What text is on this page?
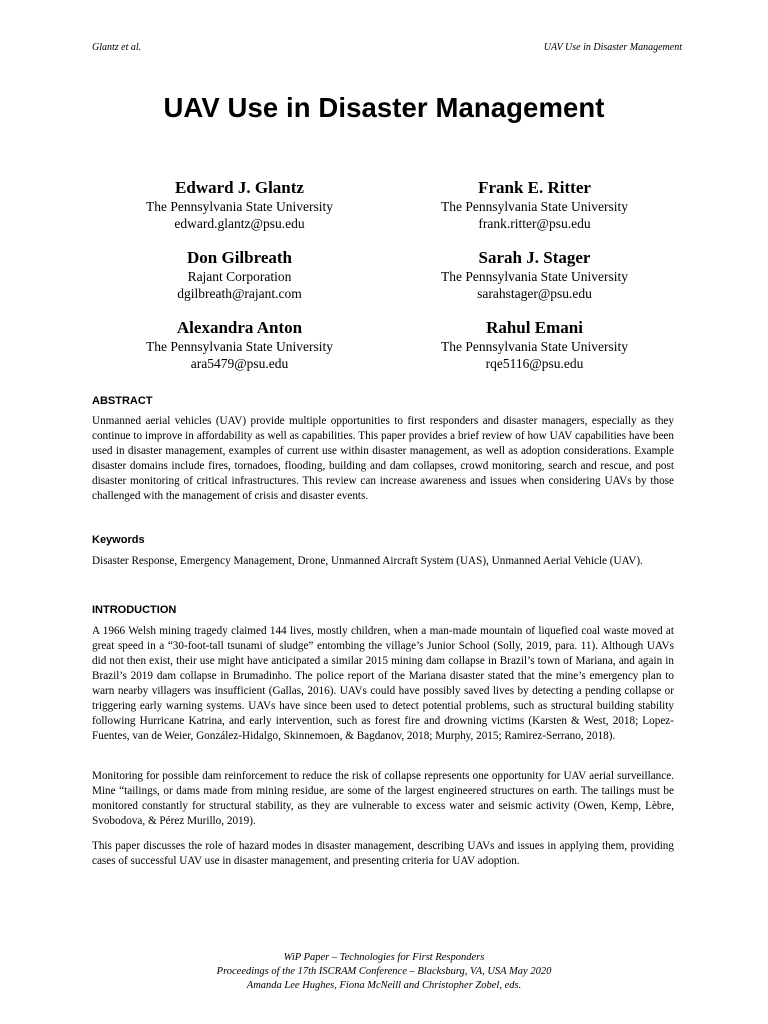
Glantz et al.	UAV Use in Disaster Management
UAV Use in Disaster Management
Edward J. Glantz
The Pennsylvania State University
edward.glantz@psu.edu
Frank E. Ritter
The Pennsylvania State University
frank.ritter@psu.edu
Don Gilbreath
Rajant Corporation
dgilbreath@rajant.com
Sarah J. Stager
The Pennsylvania State University
sarahstager@psu.edu
Alexandra Anton
The Pennsylvania State University
ara5479@psu.edu
Rahul Emani
The Pennsylvania State University
rqe5116@psu.edu
ABSTRACT

Unmanned aerial vehicles (UAV) provide multiple opportunities to first responders and disaster managers, especially as they continue to improve in affordability as well as capabilities. This paper provides a brief review of how UAV capabilities have been used in disaster management, examples of current use within disaster management, as well as adoption considerations. Example disaster domains include fires, tornadoes, flooding, building and dam collapses, crowd monitoring, search and rescue, and post disaster monitoring of critical infrastructures. This review can increase awareness and issues when considering UAVs by those challenged with the management of crisis and disaster events.

Keywords

Disaster Response, Emergency Management, Drone, Unmanned Aircraft System (UAS), Unmanned Aerial Vehicle (UAV).

INTRODUCTION

A 1966 Welsh mining tragedy claimed 144 lives, mostly children, when a man-made mountain of liquefied coal waste moved at great speed in a “30-foot-tall tsunami of sludge” entombing the village’s Junior School (Solly, 2019, para. 11). Although UAVs did not then exist, their use might have anticipated a similar 2015 mining dam collapse in Brazil’s town of Mariana, and again in Brazil’s 2019 dam collapse in Brumadinho. The police report of the Mariana disaster stated that the mine’s emergency plan to warn nearby villagers was insufficient (Gallas, 2016). UAVs could have possibly saved lives by detecting a pending collapse or triggering early warning systems. UAVs have since been used to detect potential problems, such as structural building stability following Hurricane Katrina, and early intervention, such as forest fire and drowning victims (Karsten & West, 2018; Lopez-Fuentes, van de Weier, González-Hidalgo, Skinnemoen, & Bagdanov, 2018; Murphy, 2015; Ramirez-Serrano, 2018).

Monitoring for possible dam reinforcement to reduce the risk of collapse represents one opportunity for UAV aerial surveillance. Mine “tailings, or dams made from mining residue, are some of the largest engineered structures on earth. The tailings must be monitored constantly for structural stability, as they are vulnerable to excess water and seismic activity (Owen, Kemp, Lèbre, Svobodova, & Pérez Murillo, 2019).

This paper discusses the role of hazard modes in disaster management, describing UAVs and issues in applying them, providing cases of successful UAV use in disaster management, and presenting criteria for UAV adoption.

WiP Paper – Technologies for First Responders
Proceedings of the 17th ISCRAM Conference – Blacksburg, VA, USA May 2020
Amanda Lee Hughes, Fiona McNeill and Christopher Zobel, eds.
